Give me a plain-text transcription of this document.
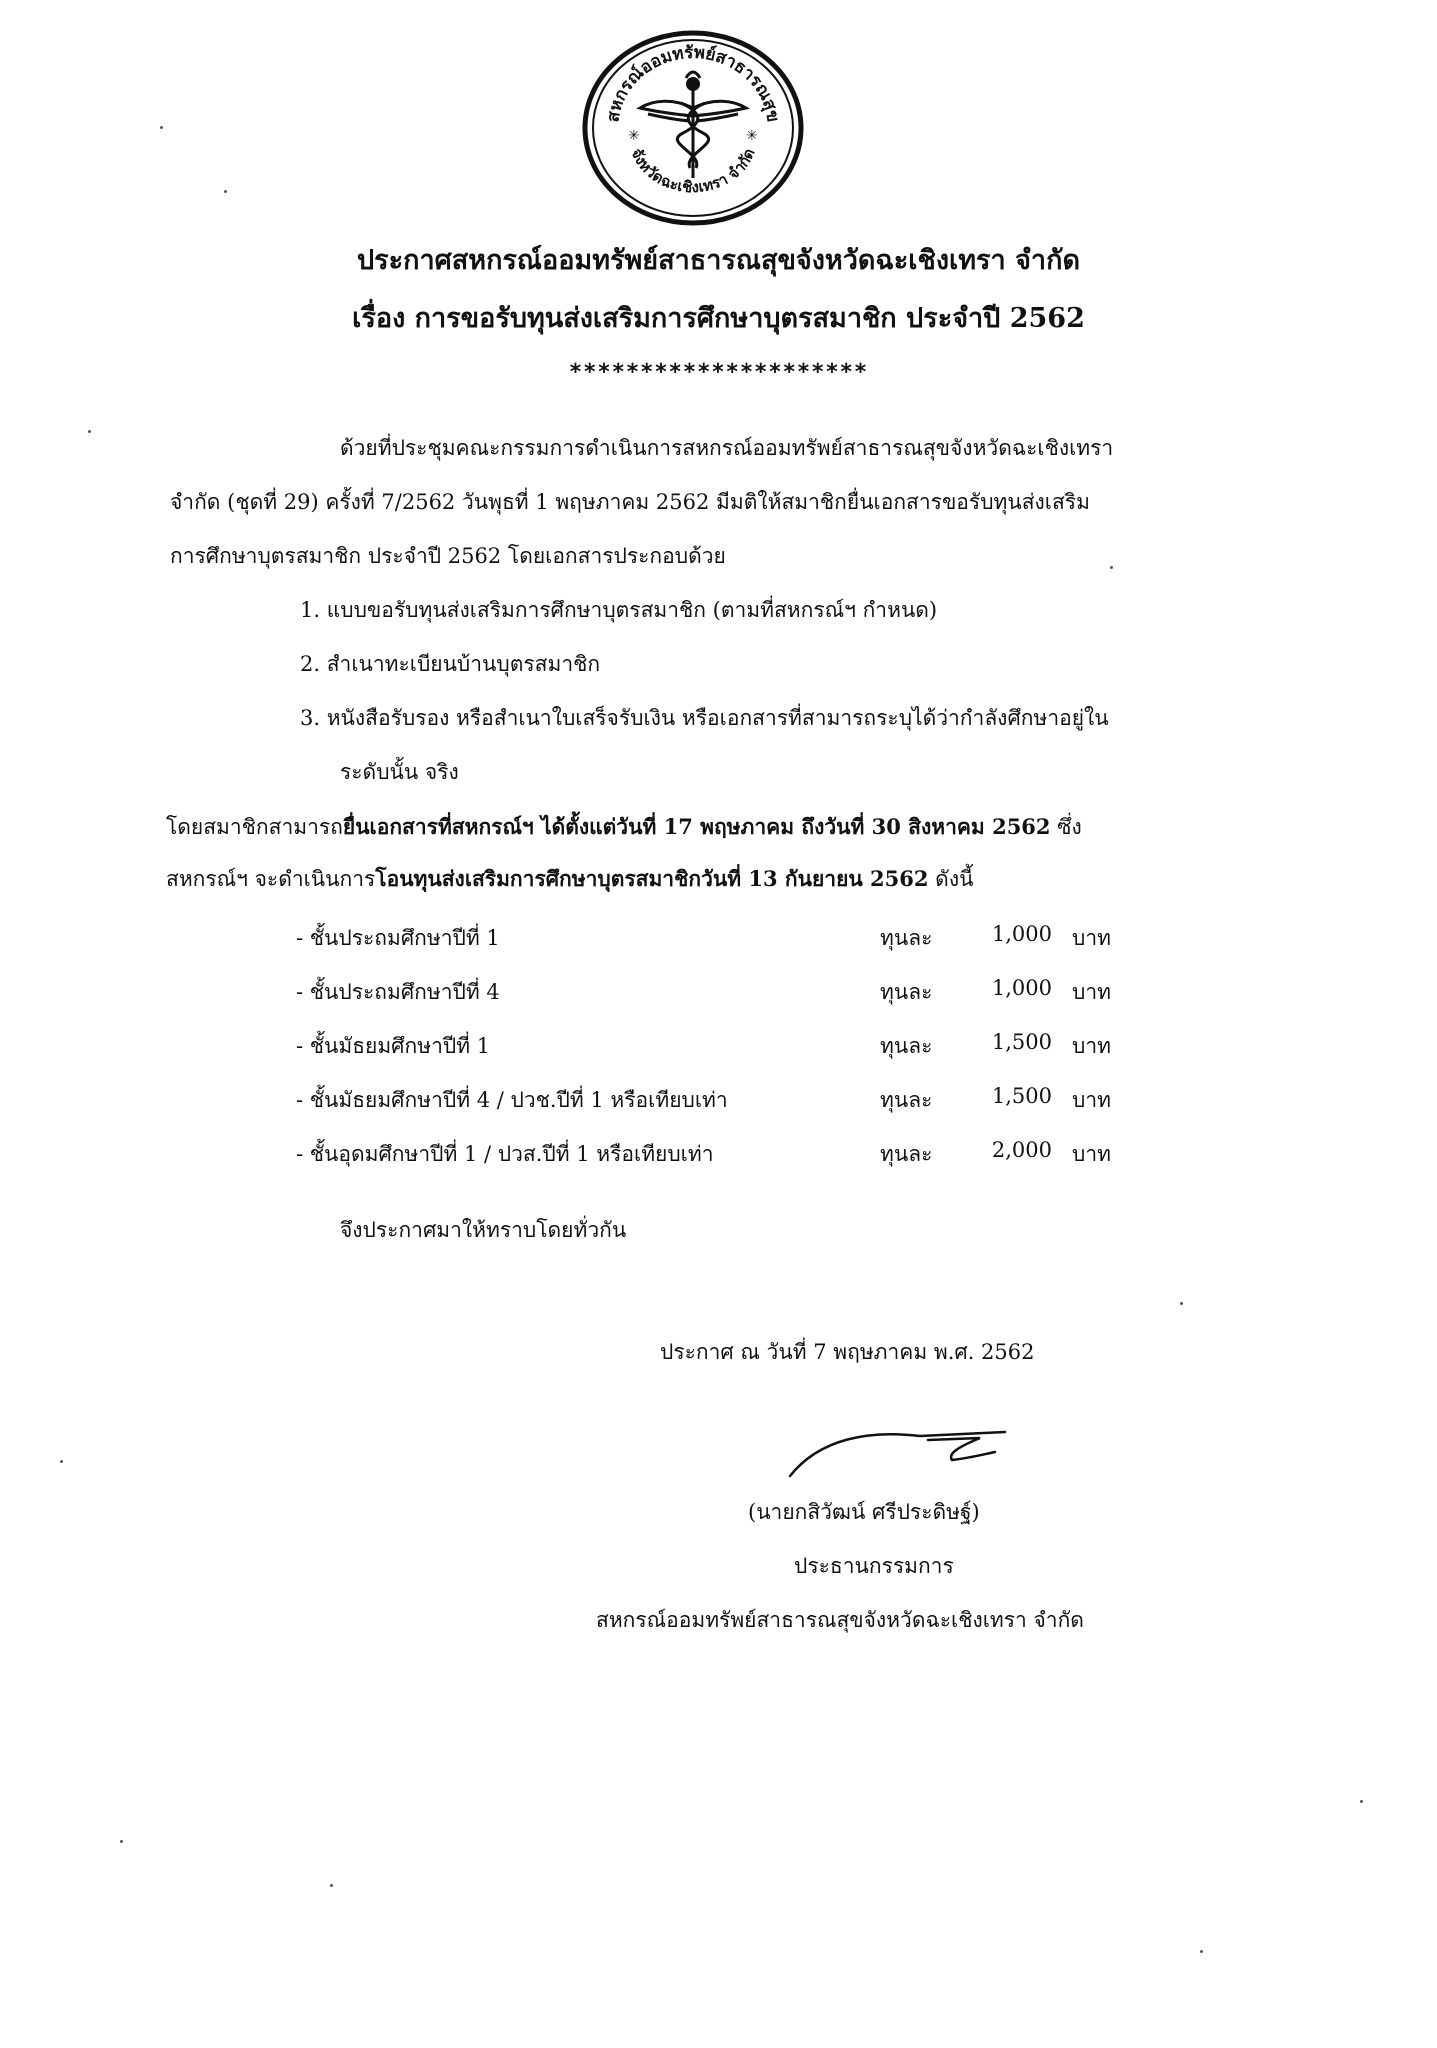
สหกรณ์ออมทรัพย์สาธารณสุข
จังหวัดฉะเชิงเทรา จำกัด
✳	✳
ประกาศสหกรณ์ออมทรัพย์สาธารณสุขจังหวัดฉะเชิงเทรา จำกัด
เรื่อง การขอรับทุนส่งเสริมการศึกษาบุตรสมาชิก ประจำปี 2562
*********************
ด้วยที่ประชุมคณะกรรมการดำเนินการสหกรณ์ออมทรัพย์สาธารณสุขจังหวัดฉะเชิงเทรา
จำกัด (ชุดที่ 29) ครั้งที่ 7/2562 วันพุธที่ 1 พฤษภาคม 2562 มีมติให้สมาชิกยื่นเอกสารขอรับทุนส่งเสริม
การศึกษาบุตรสมาชิก ประจำปี 2562 โดยเอกสารประกอบด้วย
1. แบบขอรับทุนส่งเสริมการศึกษาบุตรสมาชิก (ตามที่สหกรณ์ฯ กำหนด)
2. สำเนาทะเบียนบ้านบุตรสมาชิก
3. หนังสือรับรอง หรือสำเนาใบเสร็จรับเงิน หรือเอกสารที่สามารถระบุได้ว่ากำลังศึกษาอยู่ใน
ระดับนั้น จริง
โดยสมาชิกสามารถยื่นเอกสารที่สหกรณ์ฯ ได้ตั้งแต่วันที่ 17 พฤษภาคม ถึงวันที่ 30 สิงหาคม 2562 ซึ่ง
สหกรณ์ฯ จะดำเนินการโอนทุนส่งเสริมการศึกษาบุตรสมาชิกวันที่ 13 กันยายน 2562 ดังนี้
- ชั้นประถมศึกษาปีที่ 1	ทุนละ	1,000 บาท
- ชั้นประถมศึกษาปีที่ 4	ทุนละ	1,000 บาท
- ชั้นมัธยมศึกษาปีที่ 1	ทุนละ	1,500 บาท
- ชั้นมัธยมศึกษาปีที่ 4 / ปวช.ปีที่ 1 หรือเทียบเท่า	ทุนละ	1,500 บาท
- ชั้นอุดมศึกษาปีที่ 1 / ปวส.ปีที่ 1 หรือเทียบเท่า	ทุนละ	2,000 บาท
จึงประกาศมาให้ทราบโดยทั่วกัน
ประกาศ ณ วันที่ 7 พฤษภาคม พ.ศ. 2562
(นายกสิวัฒน์ ศรีประดิษฐ์)
ประธานกรรมการ
สหกรณ์ออมทรัพย์สาธารณสุขจังหวัดฉะเชิงเทรา จำกัด
